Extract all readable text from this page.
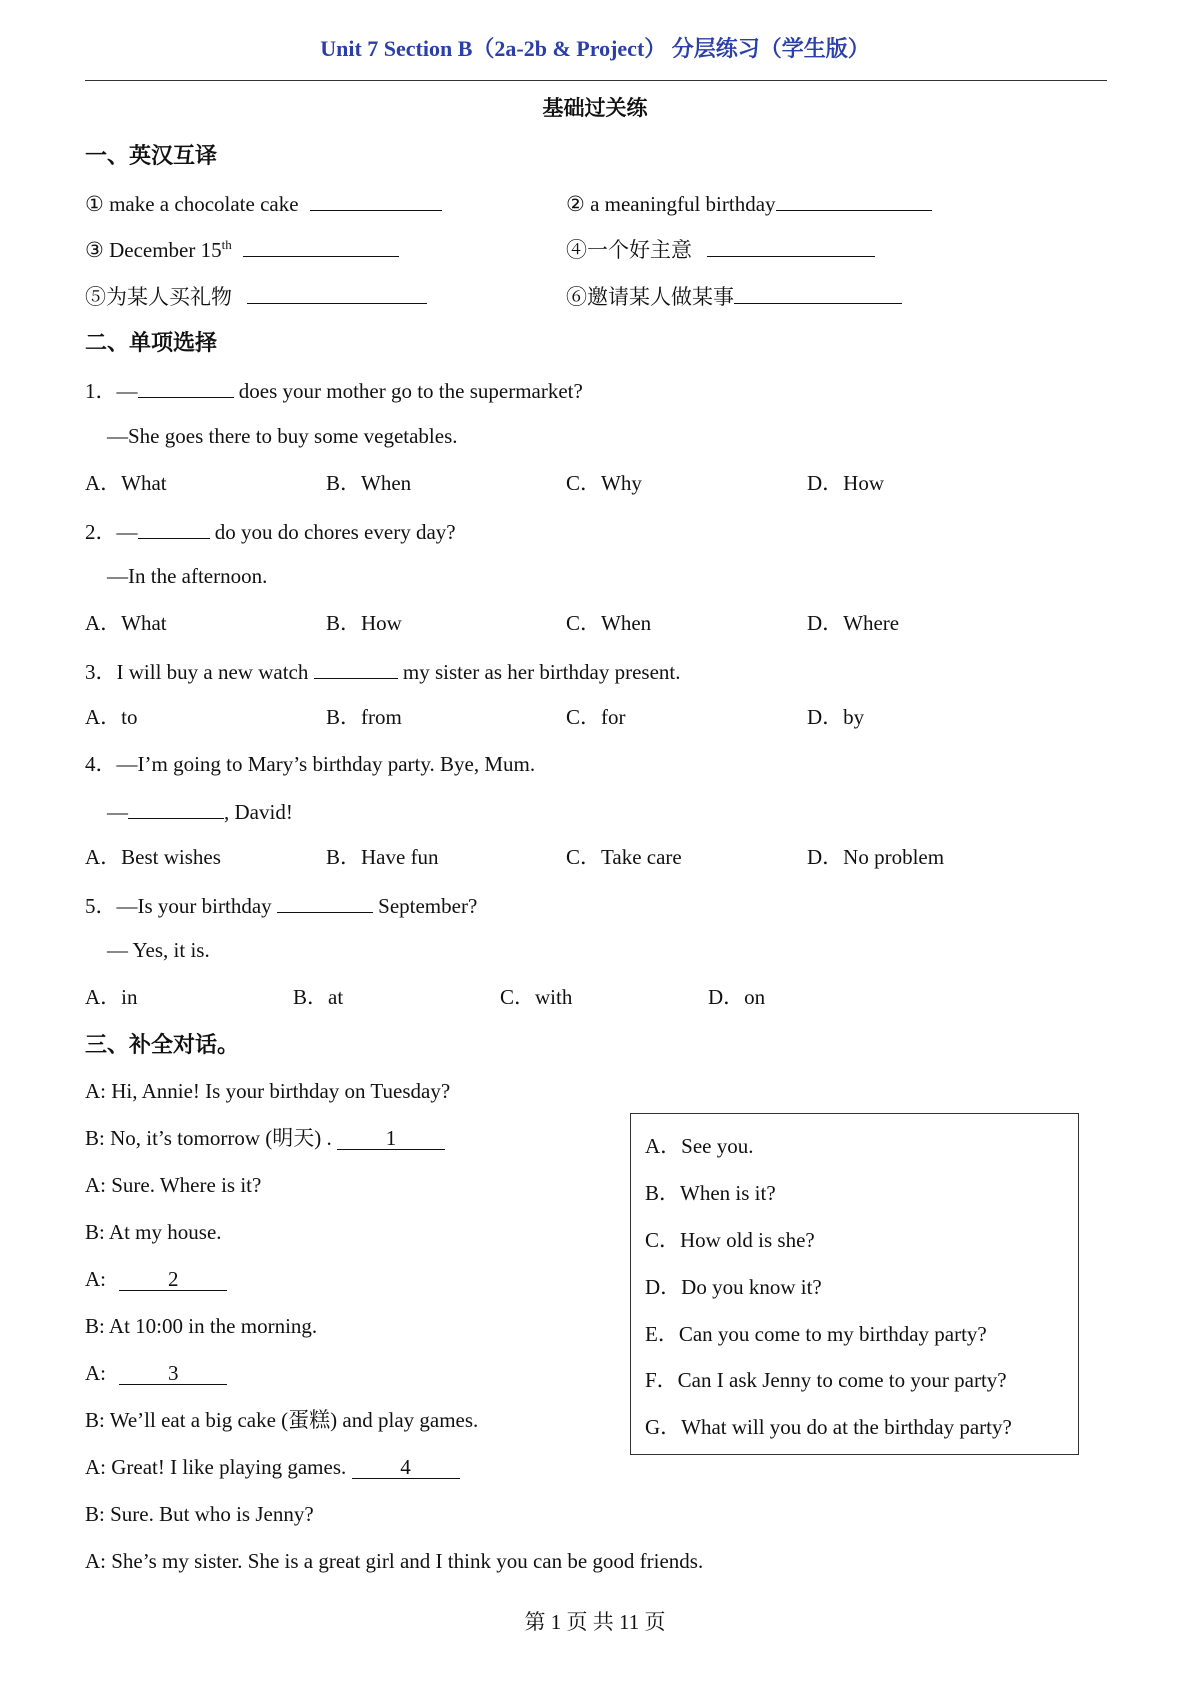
Unit 7 Section B（2a-2b & Project） 分层练习（学生版）
基础过关练
一、英汉互译
① make a chocolate cake	② a meaningful birthday
③ December 15th	④一个好主意
⑤为某人买礼物	⑥邀请某人做某事
二、单项选择
1．—	does your mother go to the supermarket?
—She goes there to buy some vegetables.
A．What	B．When	C．Why	D．How
2．—	do you do chores every day?
—In the afternoon.
A．What	B．How	C．When	D．Where
3．I will buy a new watch	my sister as her birthday present.
A．to	B．from	C．for	D．by
4．—I’m going to Mary’s birthday party. Bye, Mum.
—	, David!
A．Best wishes	B．Have fun	C．Take care	D．No problem
5．—Is your birthday	September?
— Yes, it is.
A．in	B．at	C．with	D．on
三、补全对话。
A: Hi, Annie! Is your birthday on Tuesday?
B: No, it’s tomorrow (明天) . 1
A: Sure. Where is it?
B: At my house.
A:	2
B: At 10:00 in the morning.
A:	3
B: We’ll eat a big cake (蛋糕) and play games.
A: Great! I like playing games. 4
B: Sure. But who is Jenny?
A: She’s my sister. She is a great girl and I think you can be good friends.
A．See you.
B．When is it?
C．How old is she?
D．Do you know it?
E．Can you come to my birthday party?
F．Can I ask Jenny to come to your party?
G．What will you do at the birthday party?
第 1 页 共 11 页
